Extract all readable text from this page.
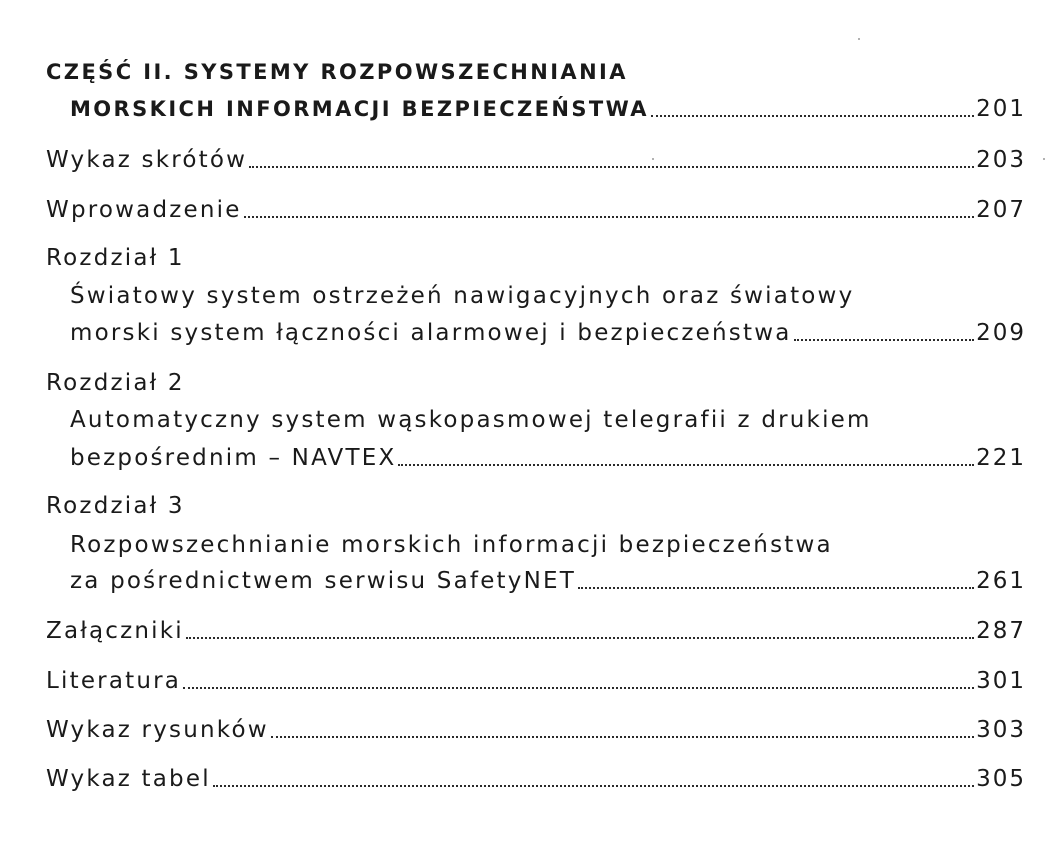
CZĘŚĆ II. SYSTEMY ROZPOWSZECHNIANIA
MORSKICH INFORMACJI BEZPIECZEŃSTWA	201
Wykaz skrótów	203
Wprowadzenie	207
Rozdział 1
Światowy system ostrzeżeń nawigacyjnych oraz światowy
morski system łączności alarmowej i bezpieczeństwa	209
Rozdział 2
Automatyczny system wąskopasmowej telegrafii z drukiem
bezpośrednim – NAVTEX	221
Rozdział 3
Rozpowszechnianie morskich informacji bezpieczeństwa
za pośrednictwem serwisu SafetyNET	261
Załączniki	287
Literatura	301
Wykaz rysunków	303
Wykaz tabel	305
